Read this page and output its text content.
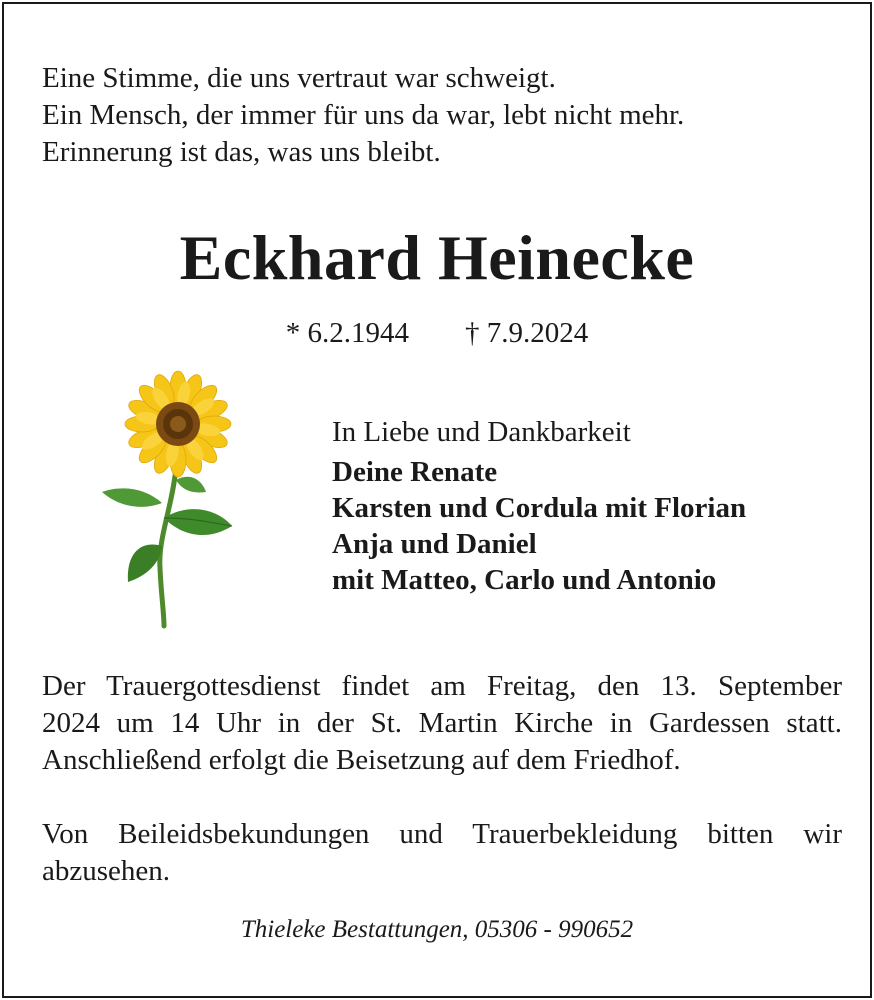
Eine Stimme, die uns vertraut war schweigt.
Ein Mensch, der immer für uns da war, lebt nicht mehr.
Erinnerung ist das, was uns bleibt.
Eckhard Heinecke
* 6.2.1944 † 7.9.2024
In Liebe und Dankbarkeit
Deine Renate
Karsten und Cordula mit Florian
Anja und Daniel
mit Matteo, Carlo und Antonio
Der Trauergottesdienst findet am Freitag, den 13. September
2024 um 14 Uhr in der St. Martin Kirche in Gardessen statt.
Anschließend erfolgt die Beisetzung auf dem Friedhof.
Von Beileidsbekundungen und Trauerbekleidung bitten wir
abzusehen.
Thieleke Bestattungen, 05306 - 990652
